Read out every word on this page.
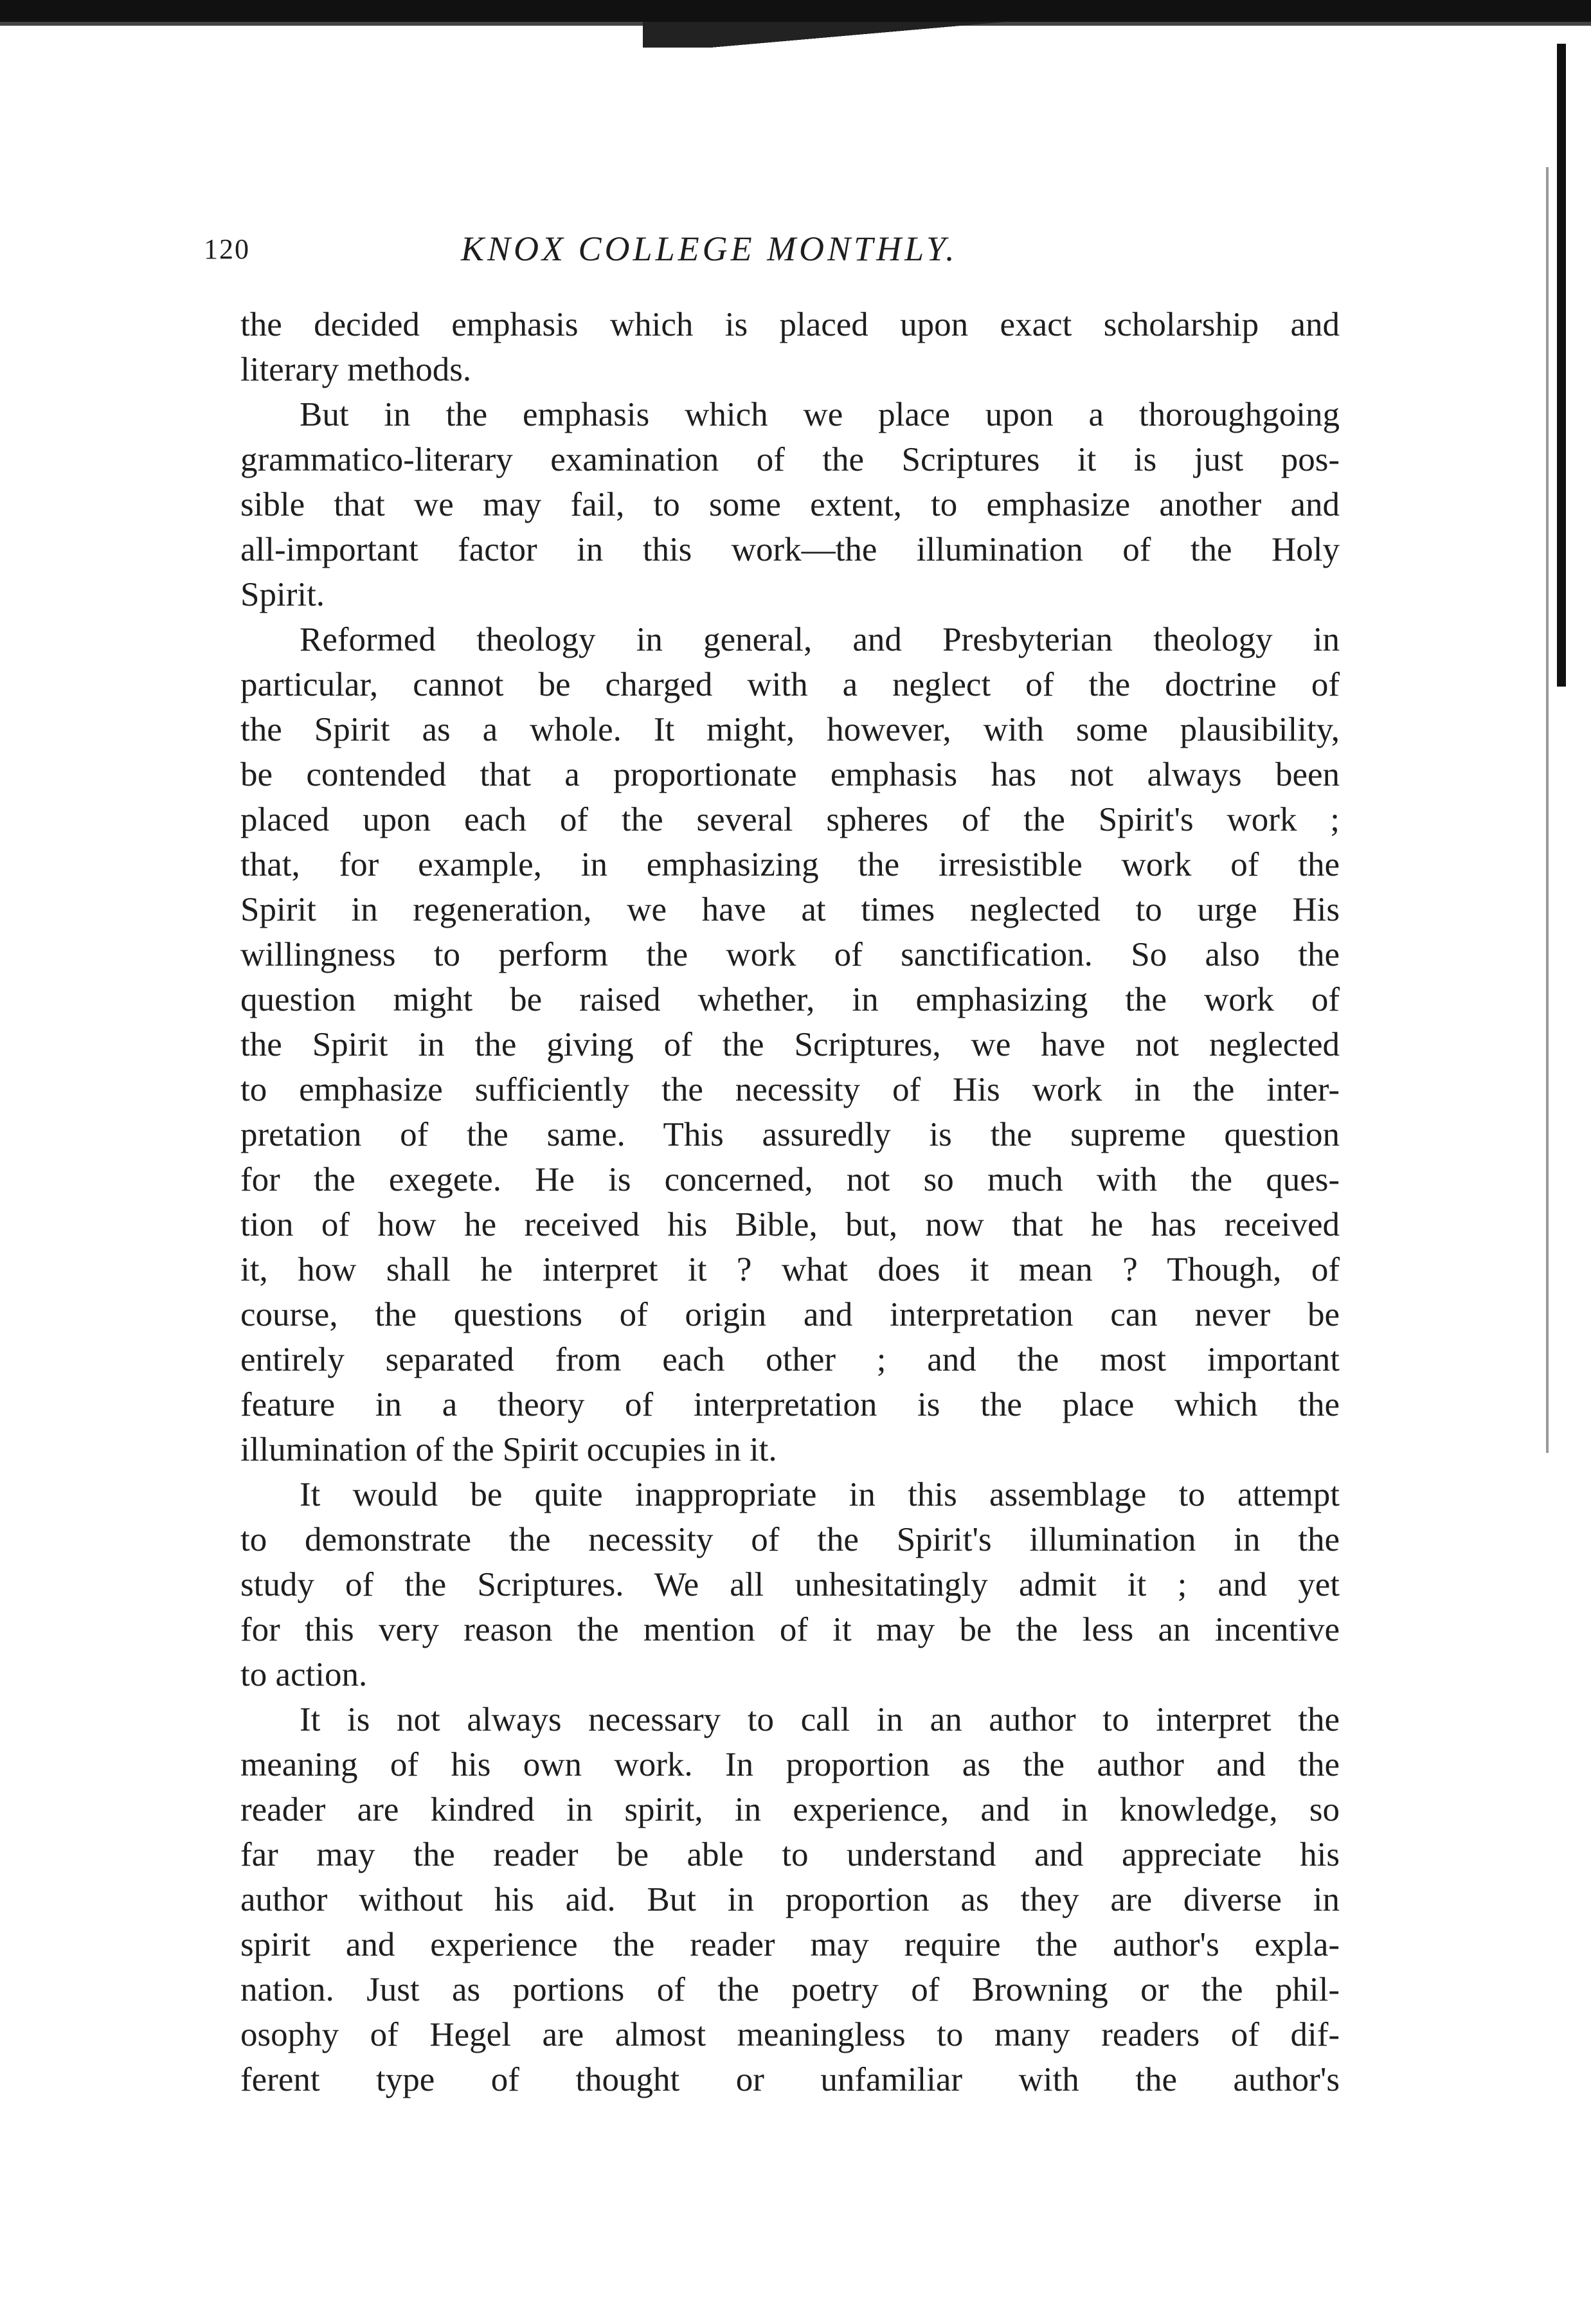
120	KNOX COLLEGE MONTHLY.
the decided emphasis which is placed upon exact scholarship and
literary methods.
But in the emphasis which we place upon a thoroughgoing
grammatico-literary examination of the Scriptures it is just pos-
sible that we may fail, to some extent, to emphasize another and
all-important factor in this work—the illumination of the Holy
Spirit.
Reformed theology in general, and Presbyterian theology in
particular, cannot be charged with a neglect of the doctrine of
the Spirit as a whole. It might, however, with some plausibility,
be contended that a proportionate emphasis has not always been
placed upon each of the several spheres of the Spirit's work ;
that, for example, in emphasizing the irresistible work of the
Spirit in regeneration, we have at times neglected to urge His
willingness to perform the work of sanctification. So also the
question might be raised whether, in emphasizing the work of
the Spirit in the giving of the Scriptures, we have not neglected
to emphasize sufficiently the necessity of His work in the inter-
pretation of the same. This assuredly is the supreme question
for the exegete. He is concerned, not so much with the ques-
tion of how he received his Bible, but, now that he has received
it, how shall he interpret it ? what does it mean ? Though, of
course, the questions of origin and interpretation can never be
entirely separated from each other ; and the most important
feature in a theory of interpretation is the place which the
illumination of the Spirit occupies in it.
It would be quite inappropriate in this assemblage to attempt
to demonstrate the necessity of the Spirit's illumination in the
study of the Scriptures. We all unhesitatingly admit it ; and yet
for this very reason the mention of it may be the less an incentive
to action.
It is not always necessary to call in an author to interpret the
meaning of his own work. In proportion as the author and the
reader are kindred in spirit, in experience, and in knowledge, so
far may the reader be able to understand and appreciate his
author without his aid. But in proportion as they are diverse in
spirit and experience the reader may require the author's expla-
nation. Just as portions of the poetry of Browning or the phil-
osophy of Hegel are almost meaningless to many readers of dif-
ferent type of thought or unfamiliar with the author's
